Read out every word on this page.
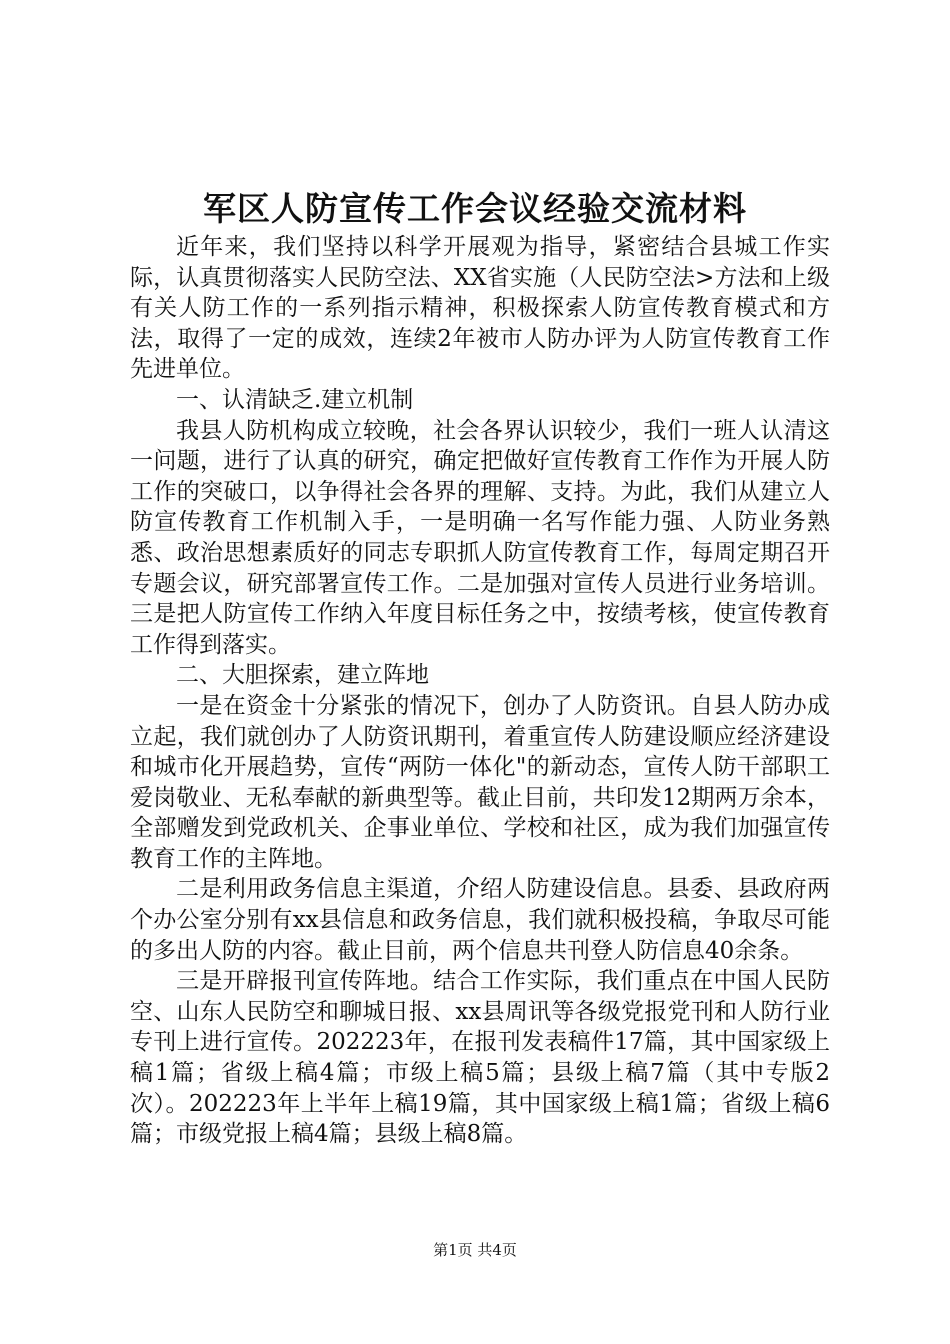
军区人防宣传工作会议经验交流材料

近年来，我们坚持以科学开展观为指导，紧密结合县城工作实际，认真贯彻落实人民防空法、XX省实施（人民防空法>方法和上级有关人防工作的一系列指示精神，积极探索人防宣传教育模式和方法，取得了一定的成效，连续2年被市人防办评为人防宣传教育工作先进单位。

一、认清缺乏.建立机制

我县人防机构成立较晚，社会各界认识较少，我们一班人认清这一问题，进行了认真的研究，确定把做好宣传教育工作作为开展人防工作的突破口，以争得社会各界的理解、支持。为此，我们从建立人防宣传教育工作机制入手，一是明确一名写作能力强、人防业务熟悉、政治思想素质好的同志专职抓人防宣传教育工作，每周定期召开专题会议，研究部署宣传工作。二是加强对宣传人员进行业务培训。三是把人防宣传工作纳入年度目标任务之中，按绩考核，使宣传教育工作得到落实。

二、大胆探索，建立阵地

一是在资金十分紧张的情况下，创办了人防资讯。自县人防办成立起，我们就创办了人防资讯期刊，着重宣传人防建设顺应经济建设和城市化开展趋势，宣传“两防一体化"的新动态，宣传人防干部职工爱岗敬业、无私奉献的新典型等。截止目前，共印发12期两万余本，全部赠发到党政机关、企事业单位、学校和社区，成为我们加强宣传教育工作的主阵地。

二是利用政务信息主渠道，介绍人防建设信息。县委、县政府两个办公室分别有xx县信息和政务信息，我们就积极投稿，争取尽可能的多出人防的内容。截止目前，两个信息共刊登人防信息40余条。

三是开辟报刊宣传阵地。结合工作实际，我们重点在中国人民防空、山东人民防空和聊城日报、xx县周讯等各级党报党刊和人防行业专刊上进行宣传。202223年，在报刊发表稿件17篇，其中国家级上稿1篇；省级上稿4篇；市级上稿5篇；县级上稿7篇（其中专版2次）。202223年上半年上稿19篇，其中国家级上稿1篇；省级上稿6篇；市级党报上稿4篇；县级上稿8篇。

第1页 共4页
